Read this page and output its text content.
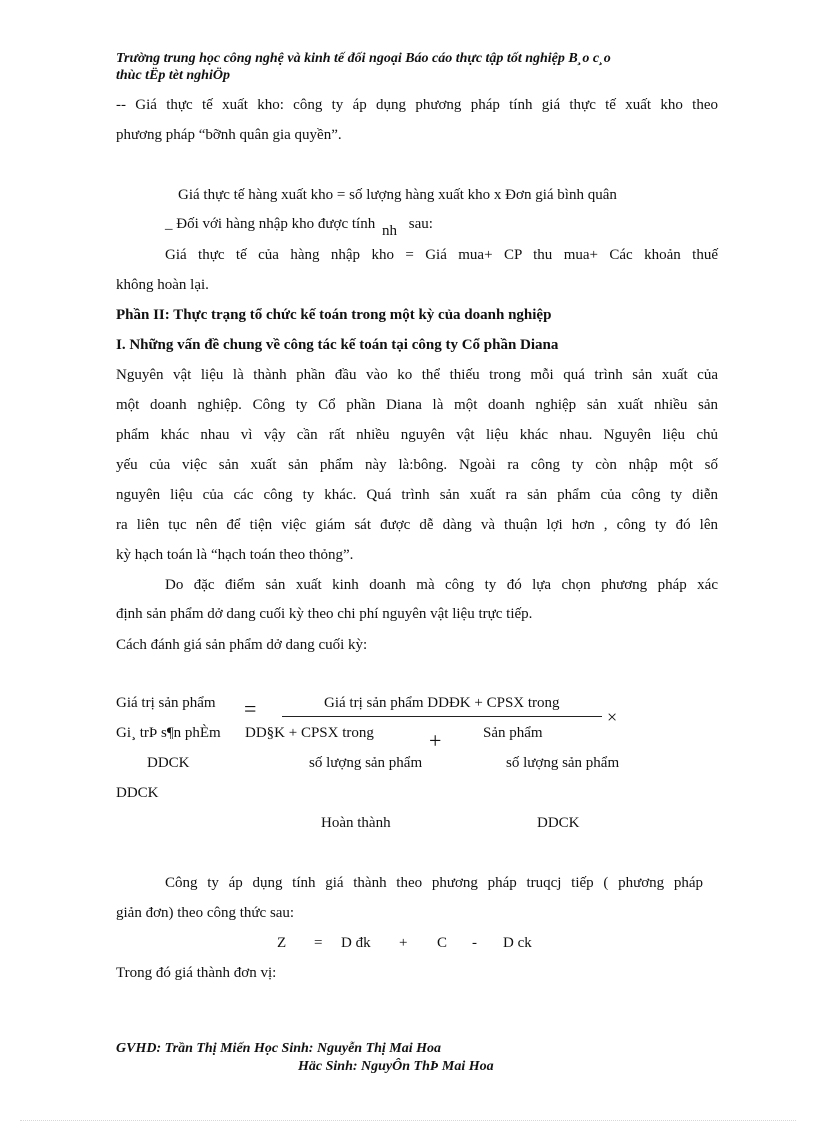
Trường trung học công nghệ và kinh tế đối ngoại Báo cáo thực tập tốt nghiệp B¸o c¸o
thùc tËp tèt nghiÖp
-- Giá thực tế xuất kho: công ty áp dụng phương pháp tính giá thực tế xuất kho theo
phương pháp “bỡnh quân gia quyền”.
Giá thực tế hàng xuất kho = số lượng hàng xuất kho x Đơn giá bình quân
_ Đối với hàng nhập kho được tính nh sau:
Giá thực tế của hàng nhập kho = Giá mua+ CP thu mua+ Các khoản thuế
không hoàn lại.
Phần II: Thực trạng tổ chức kế toán trong một kỳ của doanh nghiệp
I. Những vấn đề chung về công tác kế toán tại công ty Cổ phần Diana
Nguyên vật liệu là thành phần đầu vào ko thể thiếu trong mỗi quá trình sản xuất của
một doanh nghiệp. Công ty Cổ phần Diana là một doanh nghiệp sản xuất nhiều sản
phẩm khác nhau vì vậy cần rất nhiều nguyên vật liệu khác nhau. Nguyên liệu chủ
yếu của việc sản xuất sản phẩm này là:bông. Ngoài ra công ty còn nhập một số
nguyên liệu của các công ty khác. Quá trình sản xuất ra sản phẩm của công ty diễn
ra liên tục nên để tiện việc giám sát được dễ dàng và thuận lợi hơn , công ty đó lên
kỳ hạch toán là “hạch toán theo thỏng”.
Do đặc điểm sản xuất kinh doanh mà công ty đó lựa chọn phương pháp xác
định sản phẩm dở dang cuối kỳ theo chi phí nguyên vật liệu trực tiếp.
Cách đánh giá sản phẩm dở dang cuối kỳ:
Giá trị sản phẩm =	Giá trị sản phẩm DDĐK + CPSX trong
×
Gi¸ trÞ s¶n phÈm DD§K + CPSX trong	+	Sản phẩm
DDCK	số lượng sản phẩm	số lượng sản phẩm
DDCK
Hoàn thành	DDCK
Công ty áp dụng tính giá thành theo phương pháp truqcj tiếp ( phương pháp
giản đơn) theo công thức sau:
Z = D đk + C - D ck
Trong đó giá thành đơn vị:
GVHD: Trần Thị Miến Học Sinh: Nguyễn Thị Mai Hoa
Häc Sinh: NguyÔn ThÞ Mai Hoa
